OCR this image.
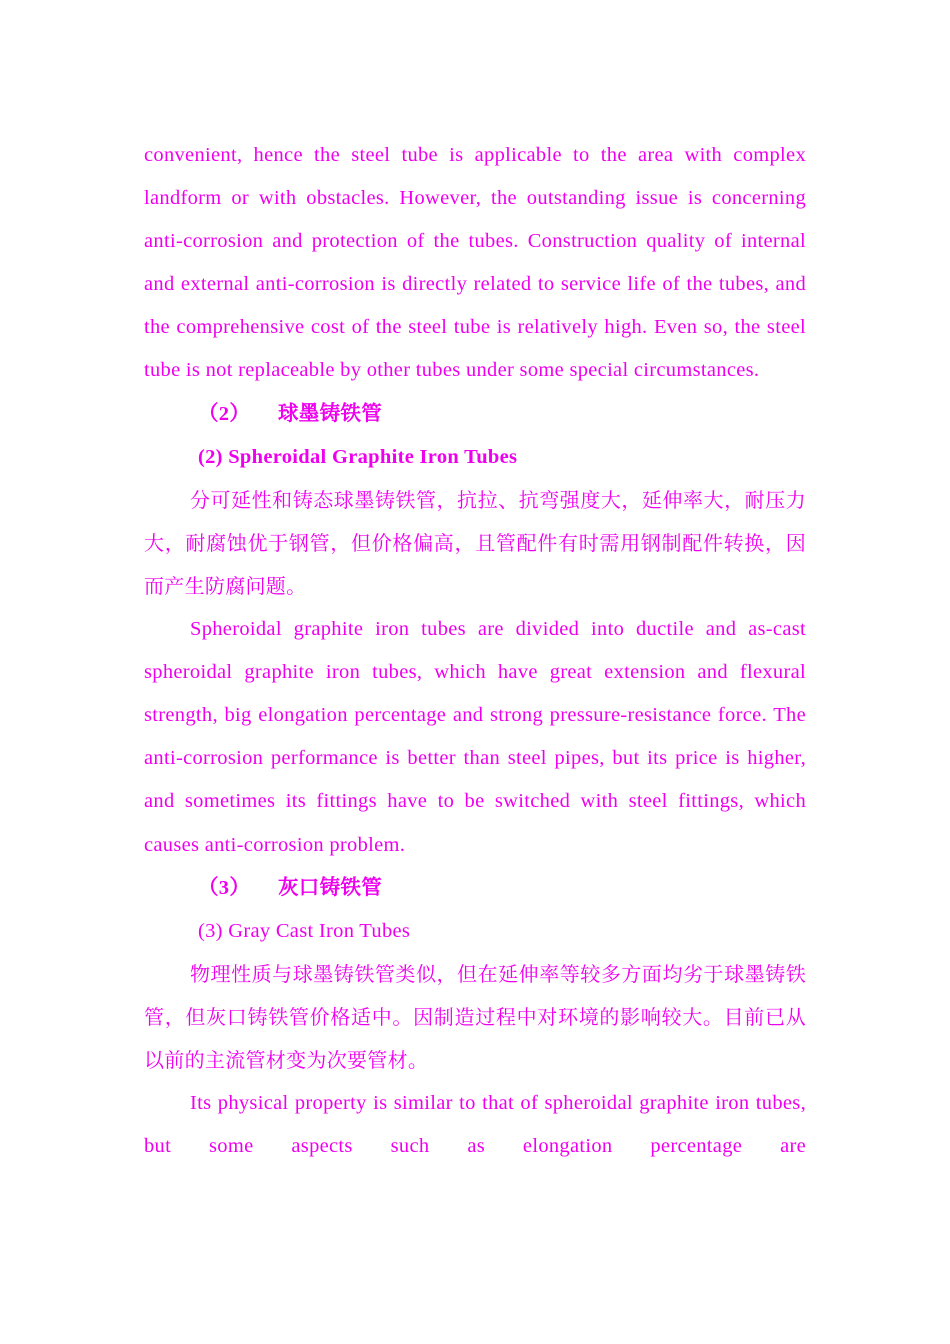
convenient, hence the steel tube is applicable to the area with complex landform or with obstacles. However, the outstanding issue is concerning anti-corrosion and protection of the tubes. Construction quality of internal and external anti-corrosion is directly related to service life of the tubes, and the comprehensive cost of the steel tube is relatively high. Even so, the steel tube is not replaceable by other tubes under some special circumstances.

（2） 球墨铸铁管

(2) Spheroidal Graphite Iron Tubes

分可延性和铸态球墨铸铁管，抗拉、抗弯强度大，延伸率大，耐压力大，耐腐蚀优于钢管，但价格偏高，且管配件有时需用钢制配件转换，因而产生防腐问题。

Spheroidal graphite iron tubes are divided into ductile and as-cast spheroidal graphite iron tubes, which have great extension and flexural strength, big elongation percentage and strong pressure-resistance force. The anti-corrosion performance is better than steel pipes, but its price is higher, and sometimes its fittings have to be switched with steel fittings, which causes anti-corrosion problem.

（3） 灰口铸铁管

(3) Gray Cast Iron Tubes

物理性质与球墨铸铁管类似，但在延伸率等较多方面均劣于球墨铸铁管，但灰口铸铁管价格适中。因制造过程中对环境的影响较大。目前已从以前的主流管材变为次要管材。

Its physical property is similar to that of spheroidal graphite iron tubes, but some aspects such as elongation percentage are
